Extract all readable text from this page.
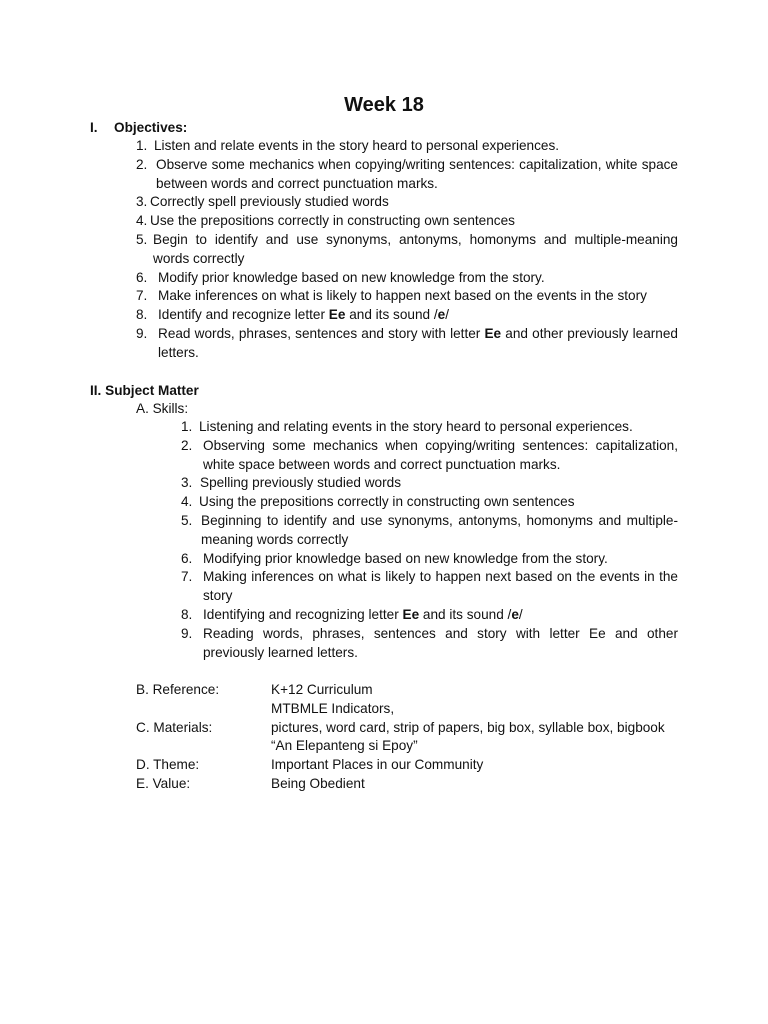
Week 18
I. Objectives:
1. Listen and relate events in the story heard to personal experiences.
2. Observe some mechanics when copying/writing sentences: capitalization, white space between words and correct punctuation marks.
3. Correctly spell previously studied words
4. Use the prepositions correctly in constructing own sentences
5. Begin to identify and use synonyms, antonyms, homonyms and multiple-meaning words correctly
6. Modify prior knowledge based on new knowledge from the story.
7. Make inferences on what is likely to happen next based on the events in the story
8. Identify and recognize letter Ee and its sound /e/
9. Read words, phrases, sentences and story with letter Ee and other previously learned letters.
II. Subject Matter
A. Skills:
1. Listening and relating events in the story heard to personal experiences.
2. Observing some mechanics when copying/writing sentences: capitalization, white space between words and correct punctuation marks.
3. Spelling previously studied words
4. Using the prepositions correctly in constructing own sentences
5. Beginning to identify and use synonyms, antonyms, homonyms and multiple-meaning words correctly
6. Modifying prior knowledge based on new knowledge from the story.
7. Making inferences on what is likely to happen next based on the events in the story
8. Identifying and recognizing letter Ee and its sound /e/
9. Reading words, phrases, sentences and story with letter Ee and other previously learned letters.
B. Reference:	K+12 Curriculum
MTBMLE Indicators,
C. Materials:	pictures, word card, strip of papers, big box, syllable box, bigbook
“An Elepanteng si Epoy”
D. Theme:	Important Places in our Community
E. Value:	Being Obedient
